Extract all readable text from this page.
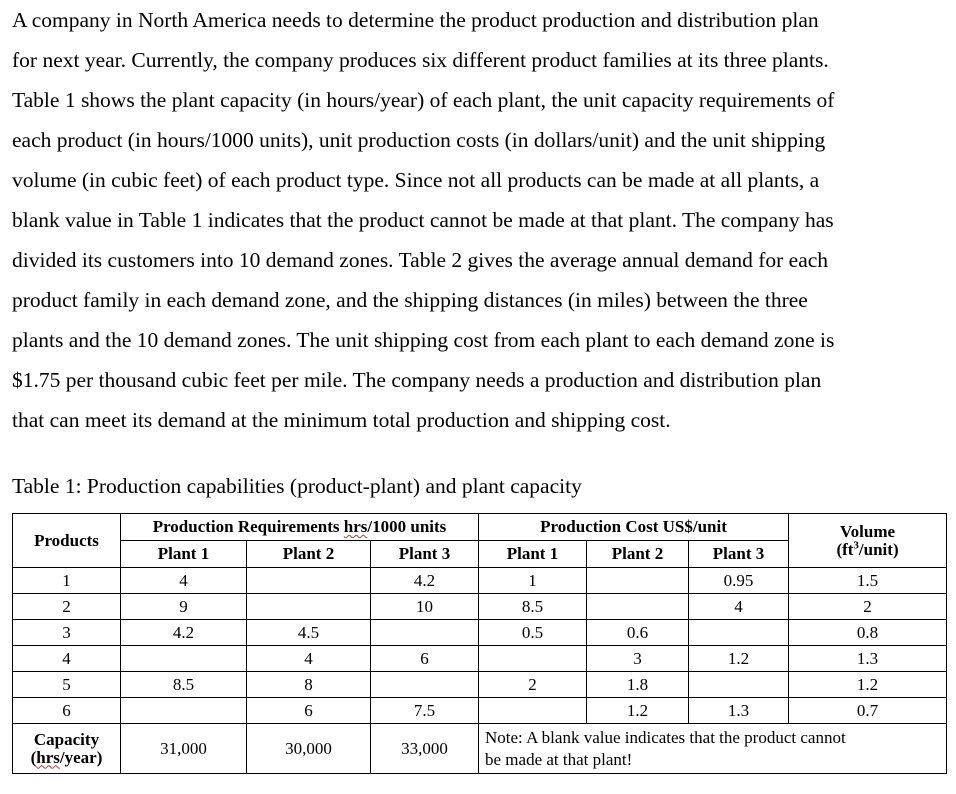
A company in North America needs to determine the product production and distribution plan
for next year. Currently, the company produces six different product families at its three plants.
Table 1 shows the plant capacity (in hours/year) of each plant, the unit capacity requirements of
each product (in hours/1000 units), unit production costs (in dollars/unit) and the unit shipping
volume (in cubic feet) of each product type. Since not all products can be made at all plants, a
blank value in Table 1 indicates that the product cannot be made at that plant. The company has
divided its customers into 10 demand zones. Table 2 gives the average annual demand for each
product family in each demand zone, and the shipping distances (in miles) between the three
plants and the 10 demand zones. The unit shipping cost from each plant to each demand zone is
$1.75 per thousand cubic feet per mile. The company needs a production and distribution plan
that can meet its demand at the minimum total production and shipping cost.
Table 1: Production capabilities (product-plant) and plant capacity
Products	Production Requirements hrs/1000 units			Production Cost US$/unit			Volume
$(ft^3/unit)$
	Plant 1	Plant 2	Plant 3	Plant 1	Plant 2	Plant 3	
1	4		4.2	1		0.95	1.5
2	9		10	8.5		4	2
3	4.2	4.5		0.5	0.6		0.8
4		4	6		3	1.2	1.3
5	8.5	8		2	1.8		1.2
6		6	7.5		1.2	1.3	0.7
Capacity
(hrs/year)	31,000	30,000	33,000	Note: A blank value indicates that the product cannot
be made at that plant!			
